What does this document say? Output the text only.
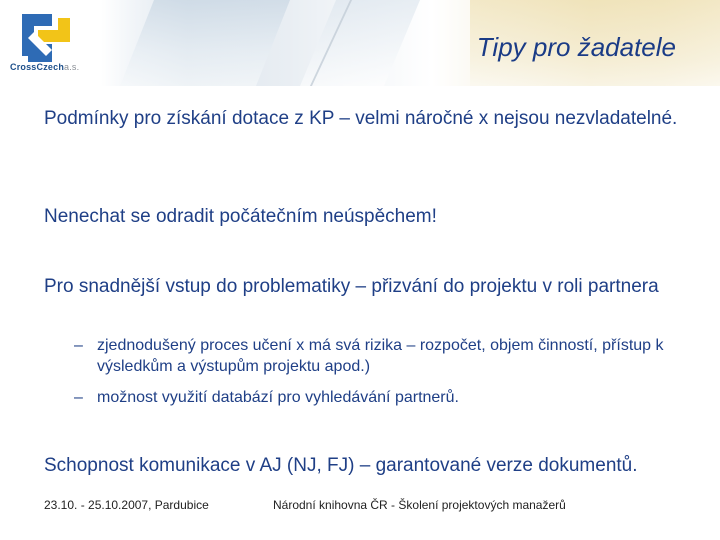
CrossCzecha.s.
Tipy pro žadatele

Podmínky pro získání dotace z KP – velmi náročné x nejsou nezvladatelné.

Nenechat se odradit počátečním neúspěchem!

Pro snadnější vstup do problematiky – přizvání do projektu v roli partnera

– zjednodušený proces učení x má svá rizika – rozpočet, objem činností, přístup k výsledkům a výstupům projektu apod.)
– možnost využití databází pro vyhledávání partnerů.

Schopnost komunikace v AJ (NJ, FJ) – garantované verze dokumentů.

23.10. - 25.10.2007, Pardubice	Národní knihovna ČR - Školení projektových manažerů
